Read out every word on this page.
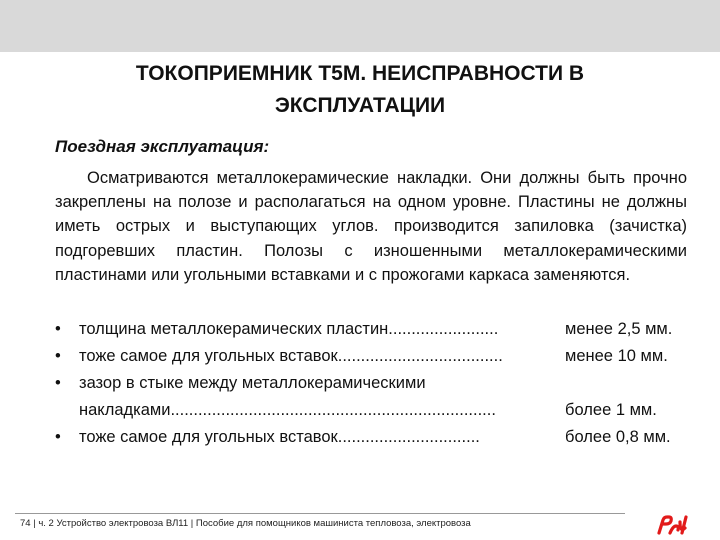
ТОКОПРИЕМНИК Т5М. НЕИСПРАВНОСТИ В
ЭКСПЛУАТАЦИИ
Поездная эксплуатация:
Осматриваются металлокерамические накладки. Они должны быть прочно закреплены на полозе и располагаться на одном уровне. Пластины не должны иметь острых и выступающих углов. производится запиловка (зачистка) подгоревших пластин. Полозы с изношенными металлокерамическими пластинами или угольными вставками и с прожогами каркаса заменяются.
•	толщина металлокерамических пластин........................	менее 2,5 мм.
•	тоже самое для угольных вставок....................................	менее 10 мм.
•	зазор в стыке между металлокерамическими
накладками.......................................................................	более 1 мм.
•	тоже самое для угольных вставок...............................	более 0,8 мм.
74 | ч. 2 Устройство электровоза ВЛ11 | Пособие для помощников машиниста тепловоза, электровоза
